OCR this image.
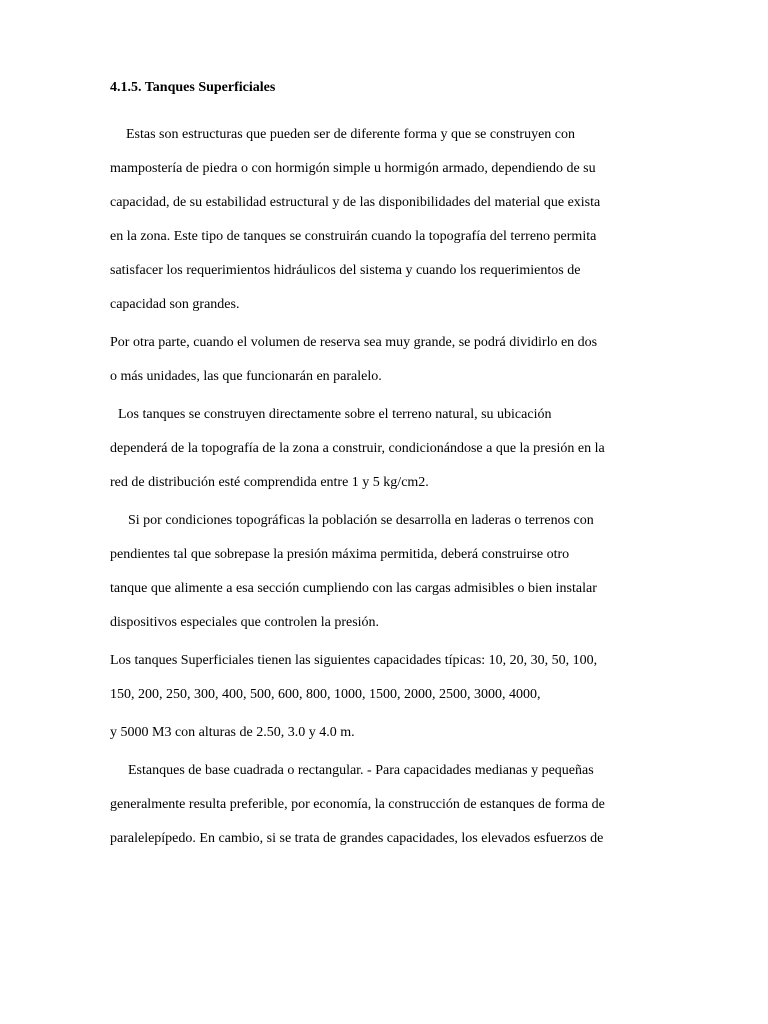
4.1.5. Tanques Superficiales
Estas son estructuras que pueden ser de diferente forma y que se construyen con
mampostería de piedra o con hormigón simple u hormigón armado, dependiendo de su
capacidad, de su estabilidad estructural y de las disponibilidades del material que exista
en la zona. Este tipo de tanques se construirán cuando la topografía del terreno permita
satisfacer los requerimientos hidráulicos del sistema y cuando los requerimientos de
capacidad son grandes.
Por otra parte, cuando el volumen de reserva sea muy grande, se podrá dividirlo en dos
o más unidades, las que funcionarán en paralelo.
Los tanques se construyen directamente sobre el terreno natural, su ubicación
dependerá de la topografía de la zona a construir, condicionándose a que la presión en la
red de distribución esté comprendida entre 1 y 5 kg/cm2.
Si por condiciones topográficas la población se desarrolla en laderas o terrenos con
pendientes tal que sobrepase la presión máxima permitida, deberá construirse otro
tanque que alimente a esa sección cumpliendo con las cargas admisibles o bien instalar
dispositivos especiales que controlen la presión.
Los tanques Superficiales tienen las siguientes capacidades típicas: 10, 20, 30, 50, 100,
150, 200, 250, 300, 400, 500, 600, 800, 1000, 1500, 2000, 2500, 3000, 4000,
y 5000 M3 con alturas de 2.50, 3.0 y 4.0 m.
Estanques de base cuadrada o rectangular. - Para capacidades medianas y pequeñas
generalmente resulta preferible, por economía, la construcción de estanques de forma de
paralelepípedo. En cambio, si se trata de grandes capacidades, los elevados esfuerzos de
